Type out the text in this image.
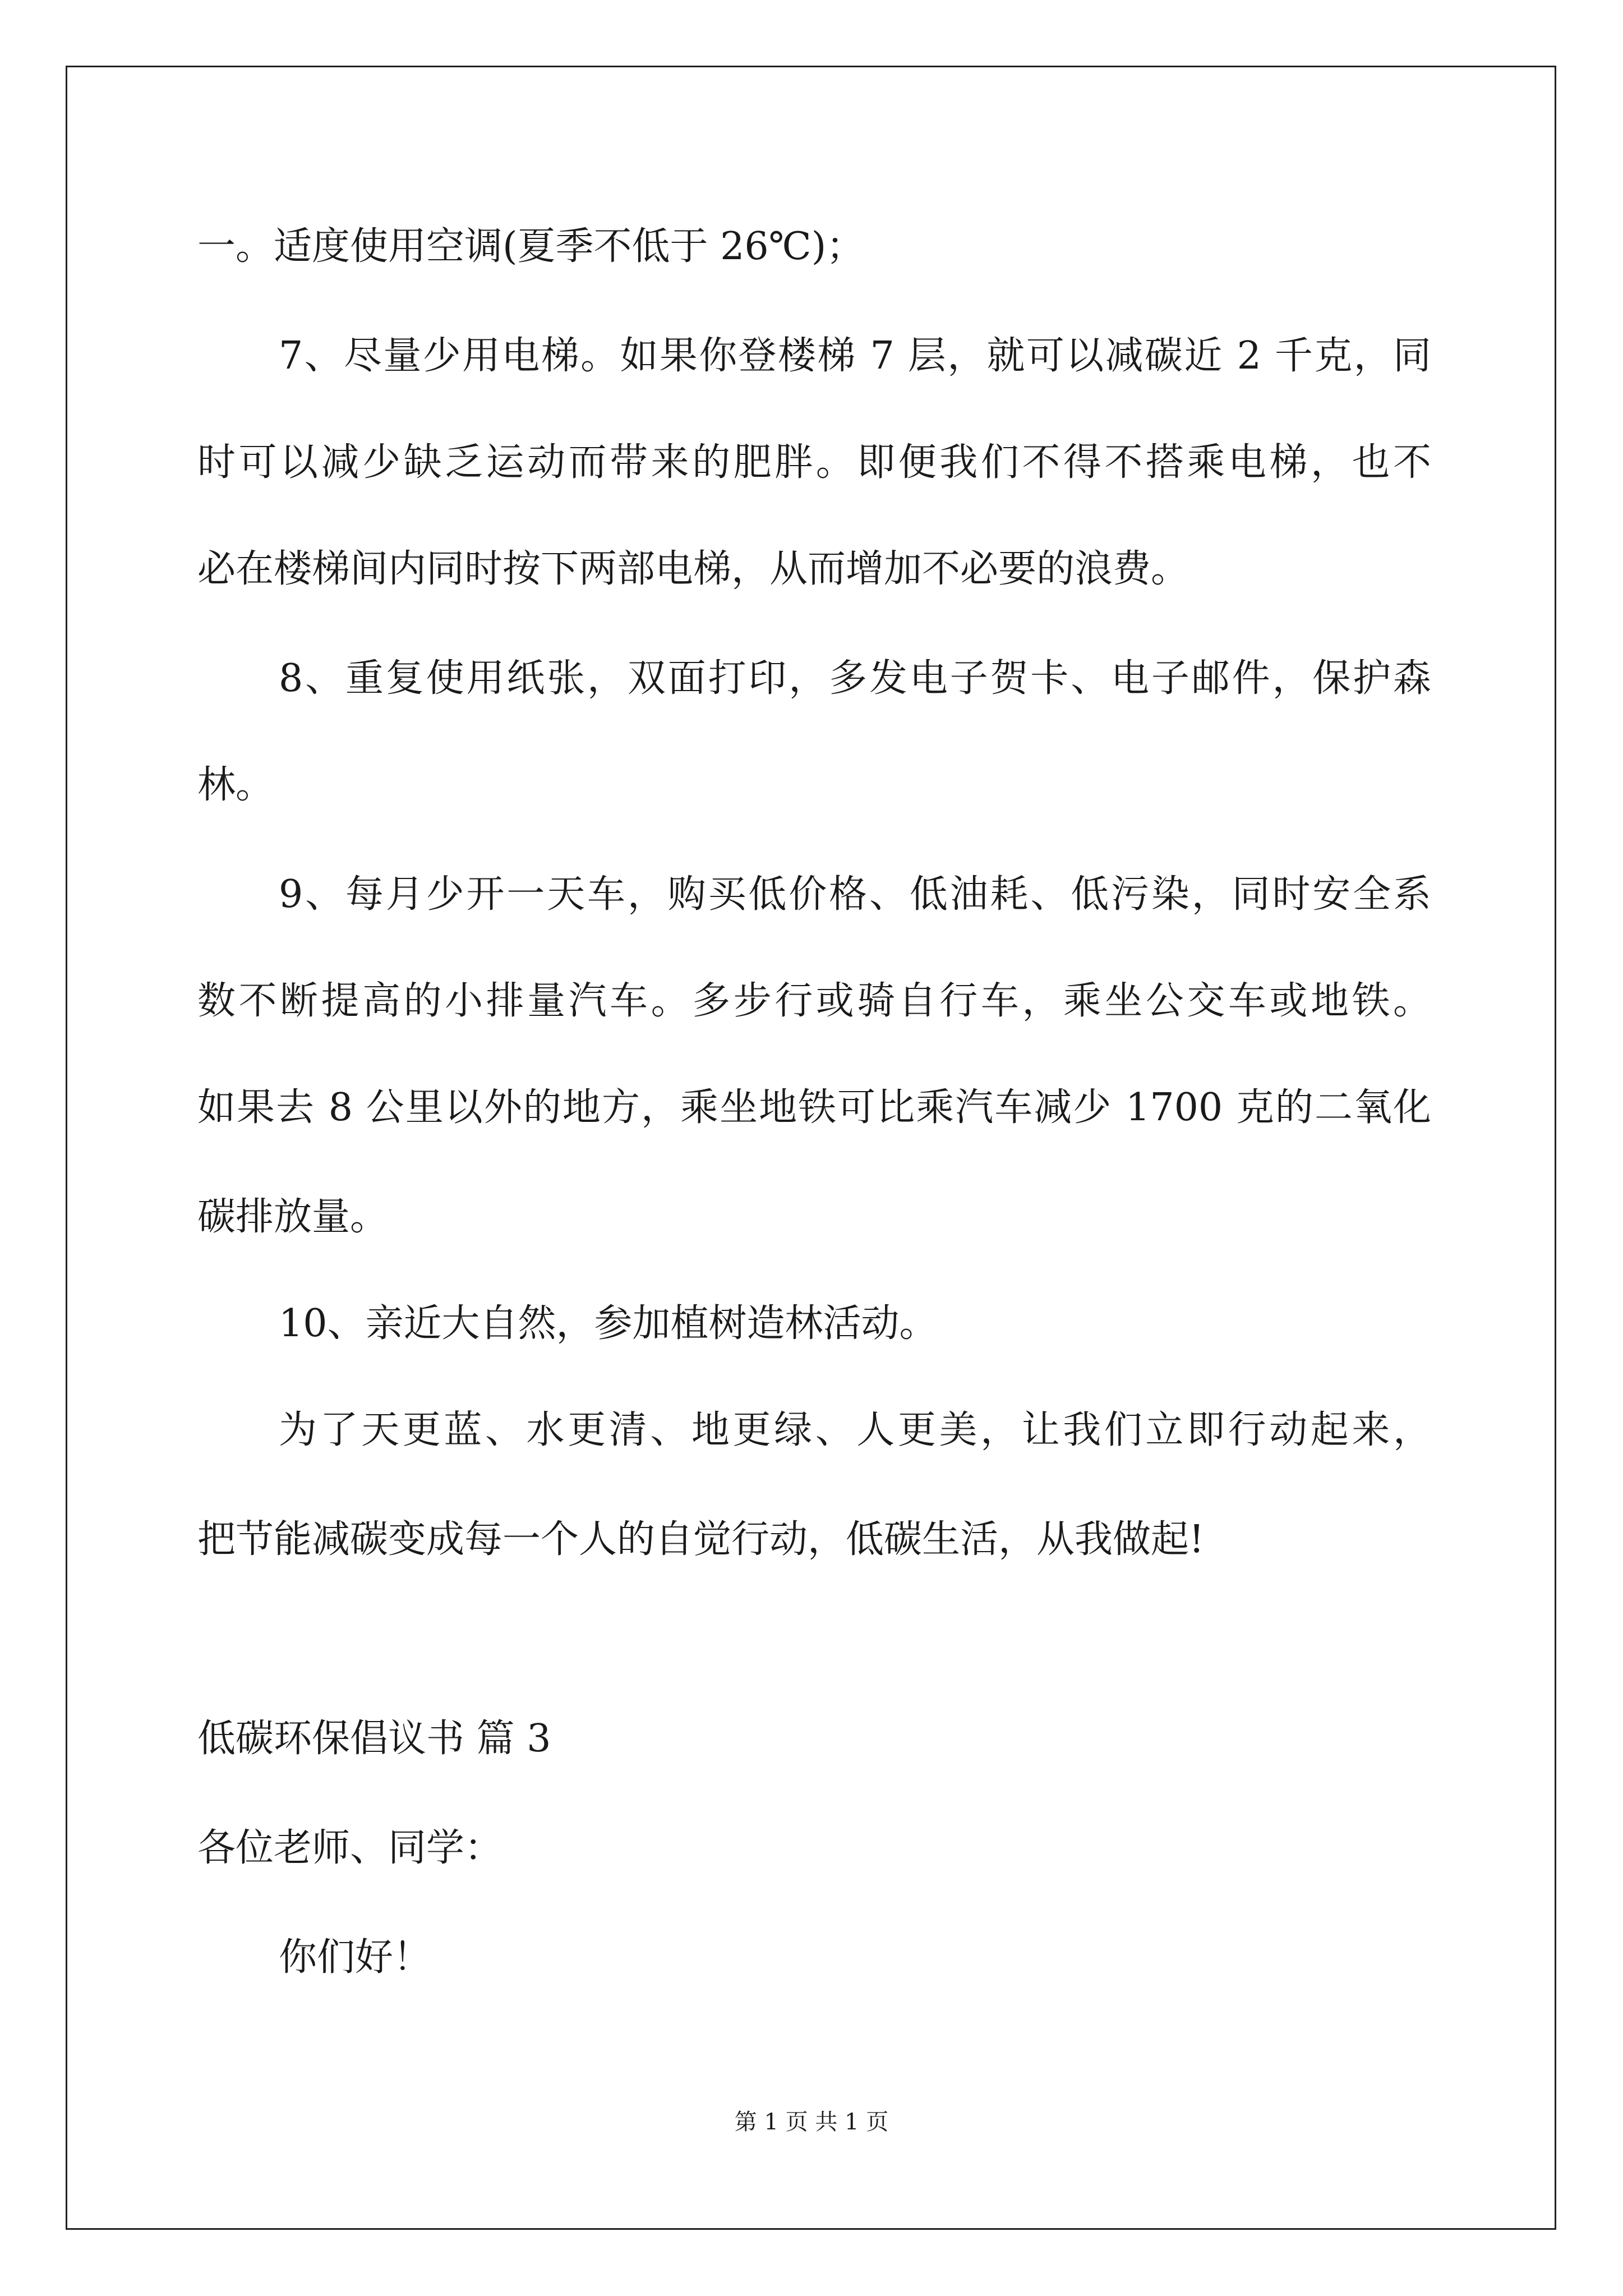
一。适度使用空调(夏季不低于 26℃)；

7、尽量少用电梯。如果你登楼梯 7 层，就可以减碳近 2 千克，同

时可以减少缺乏运动而带来的肥胖。即便我们不得不搭乘电梯，也不

必在楼梯间内同时按下两部电梯，从而增加不必要的浪费。

8、重复使用纸张，双面打印，多发电子贺卡、电子邮件，保护森

林。

9、每月少开一天车，购买低价格、低油耗、低污染，同时安全系

数不断提高的小排量汽车。多步行或骑自行车，乘坐公交车或地铁。

如果去 8 公里以外的地方，乘坐地铁可比乘汽车减少 1700 克的二氧化

碳排放量。

10、亲近大自然，参加植树造林活动。

为了天更蓝、水更清、地更绿、人更美，让我们立即行动起来，

把节能减碳变成每一个人的自觉行动，低碳生活，从我做起!

低碳环保倡议书 篇 3

各位老师、同学：

你们好！

第 1 页 共 1 页
